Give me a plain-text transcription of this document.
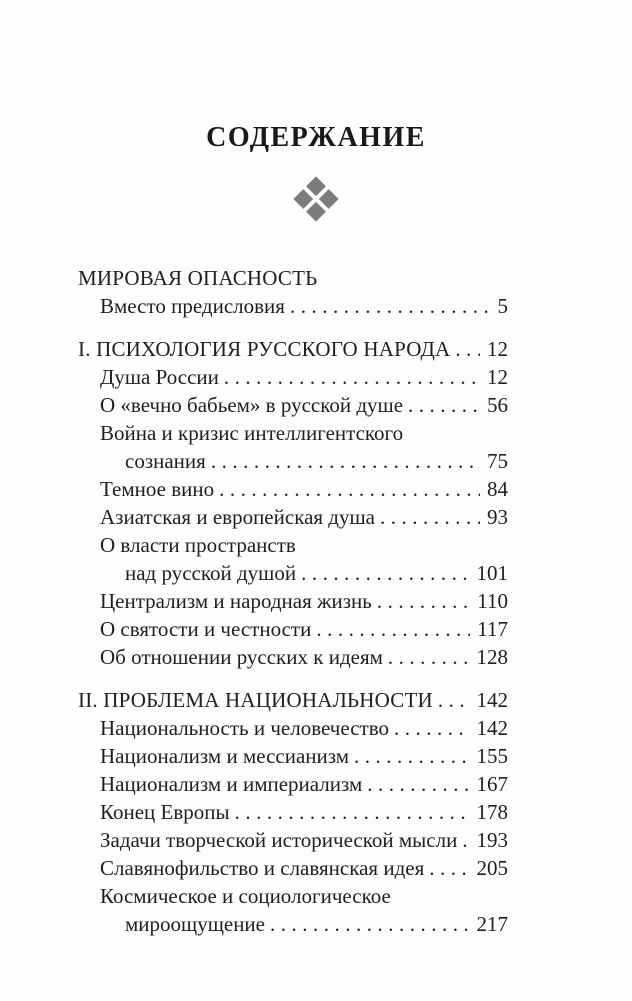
СОДЕРЖАНИЕ
МИРОВАЯ ОПАСНОСТЬ
Вместо предисловия .....	5
I. ПСИХОЛОГИЯ РУССКОГО НАРОДА ..... 12
Душа России .....	12
О «вечно бабьем» в русской душе .....	56
Война и кризис интеллигентского
сознания .....	75
Темное вино .....	84
Азиатская и европейская душа .....	93
О власти пространств
над русской душой .....	101
Централизм и народная жизнь .....	110
О святости и честности .....	117
Об отношении русских к идеям .....	128
II. ПРОБЛЕМА НАЦИОНАЛЬНОСТИ ..... 142
Национальность и человечество .....	142
Национализм и мессианизм .....	155
Национализм и империализм .....	167
Конец Европы .....	178
Задачи творческой исторической мысли ..... 193
Славянофильство и славянская идея ..... 205
Космическое и социологическое
мироощущение .....	217
